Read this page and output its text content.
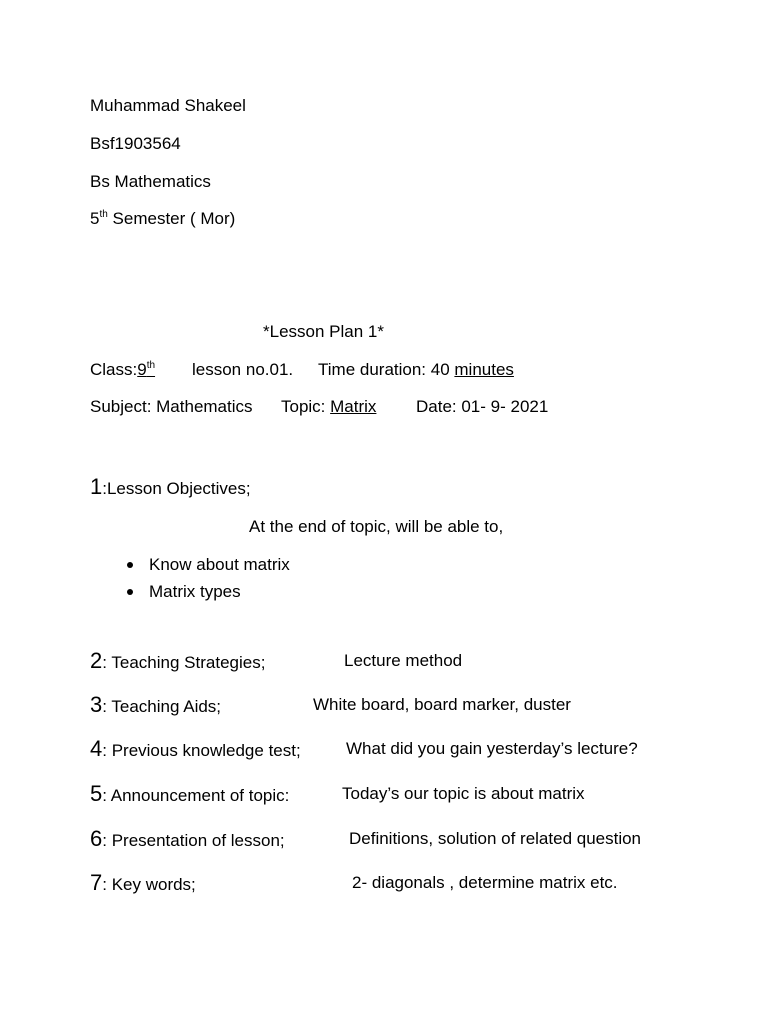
Muhammad Shakeel
Bsf1903564
Bs Mathematics
5th Semester ( Mor)
*Lesson Plan 1*
Class:9th lesson no.01. Time duration: 40 minutes
Subject: Mathematics Topic: Matrix Date: 01- 9- 2021
1:Lesson Objectives;
At the end of topic, will be able to,
Know about matrix
Matrix types
2: Teaching Strategies;	Lecture method
3: Teaching Aids;	White board, board marker, duster
4: Previous knowledge test;	What did you gain yesterday’s lecture?
5: Announcement of topic:	Today’s our topic is about matrix
6: Presentation of lesson;	Definitions, solution of related question
7: Key words;	2- diagonals , determine matrix etc.
